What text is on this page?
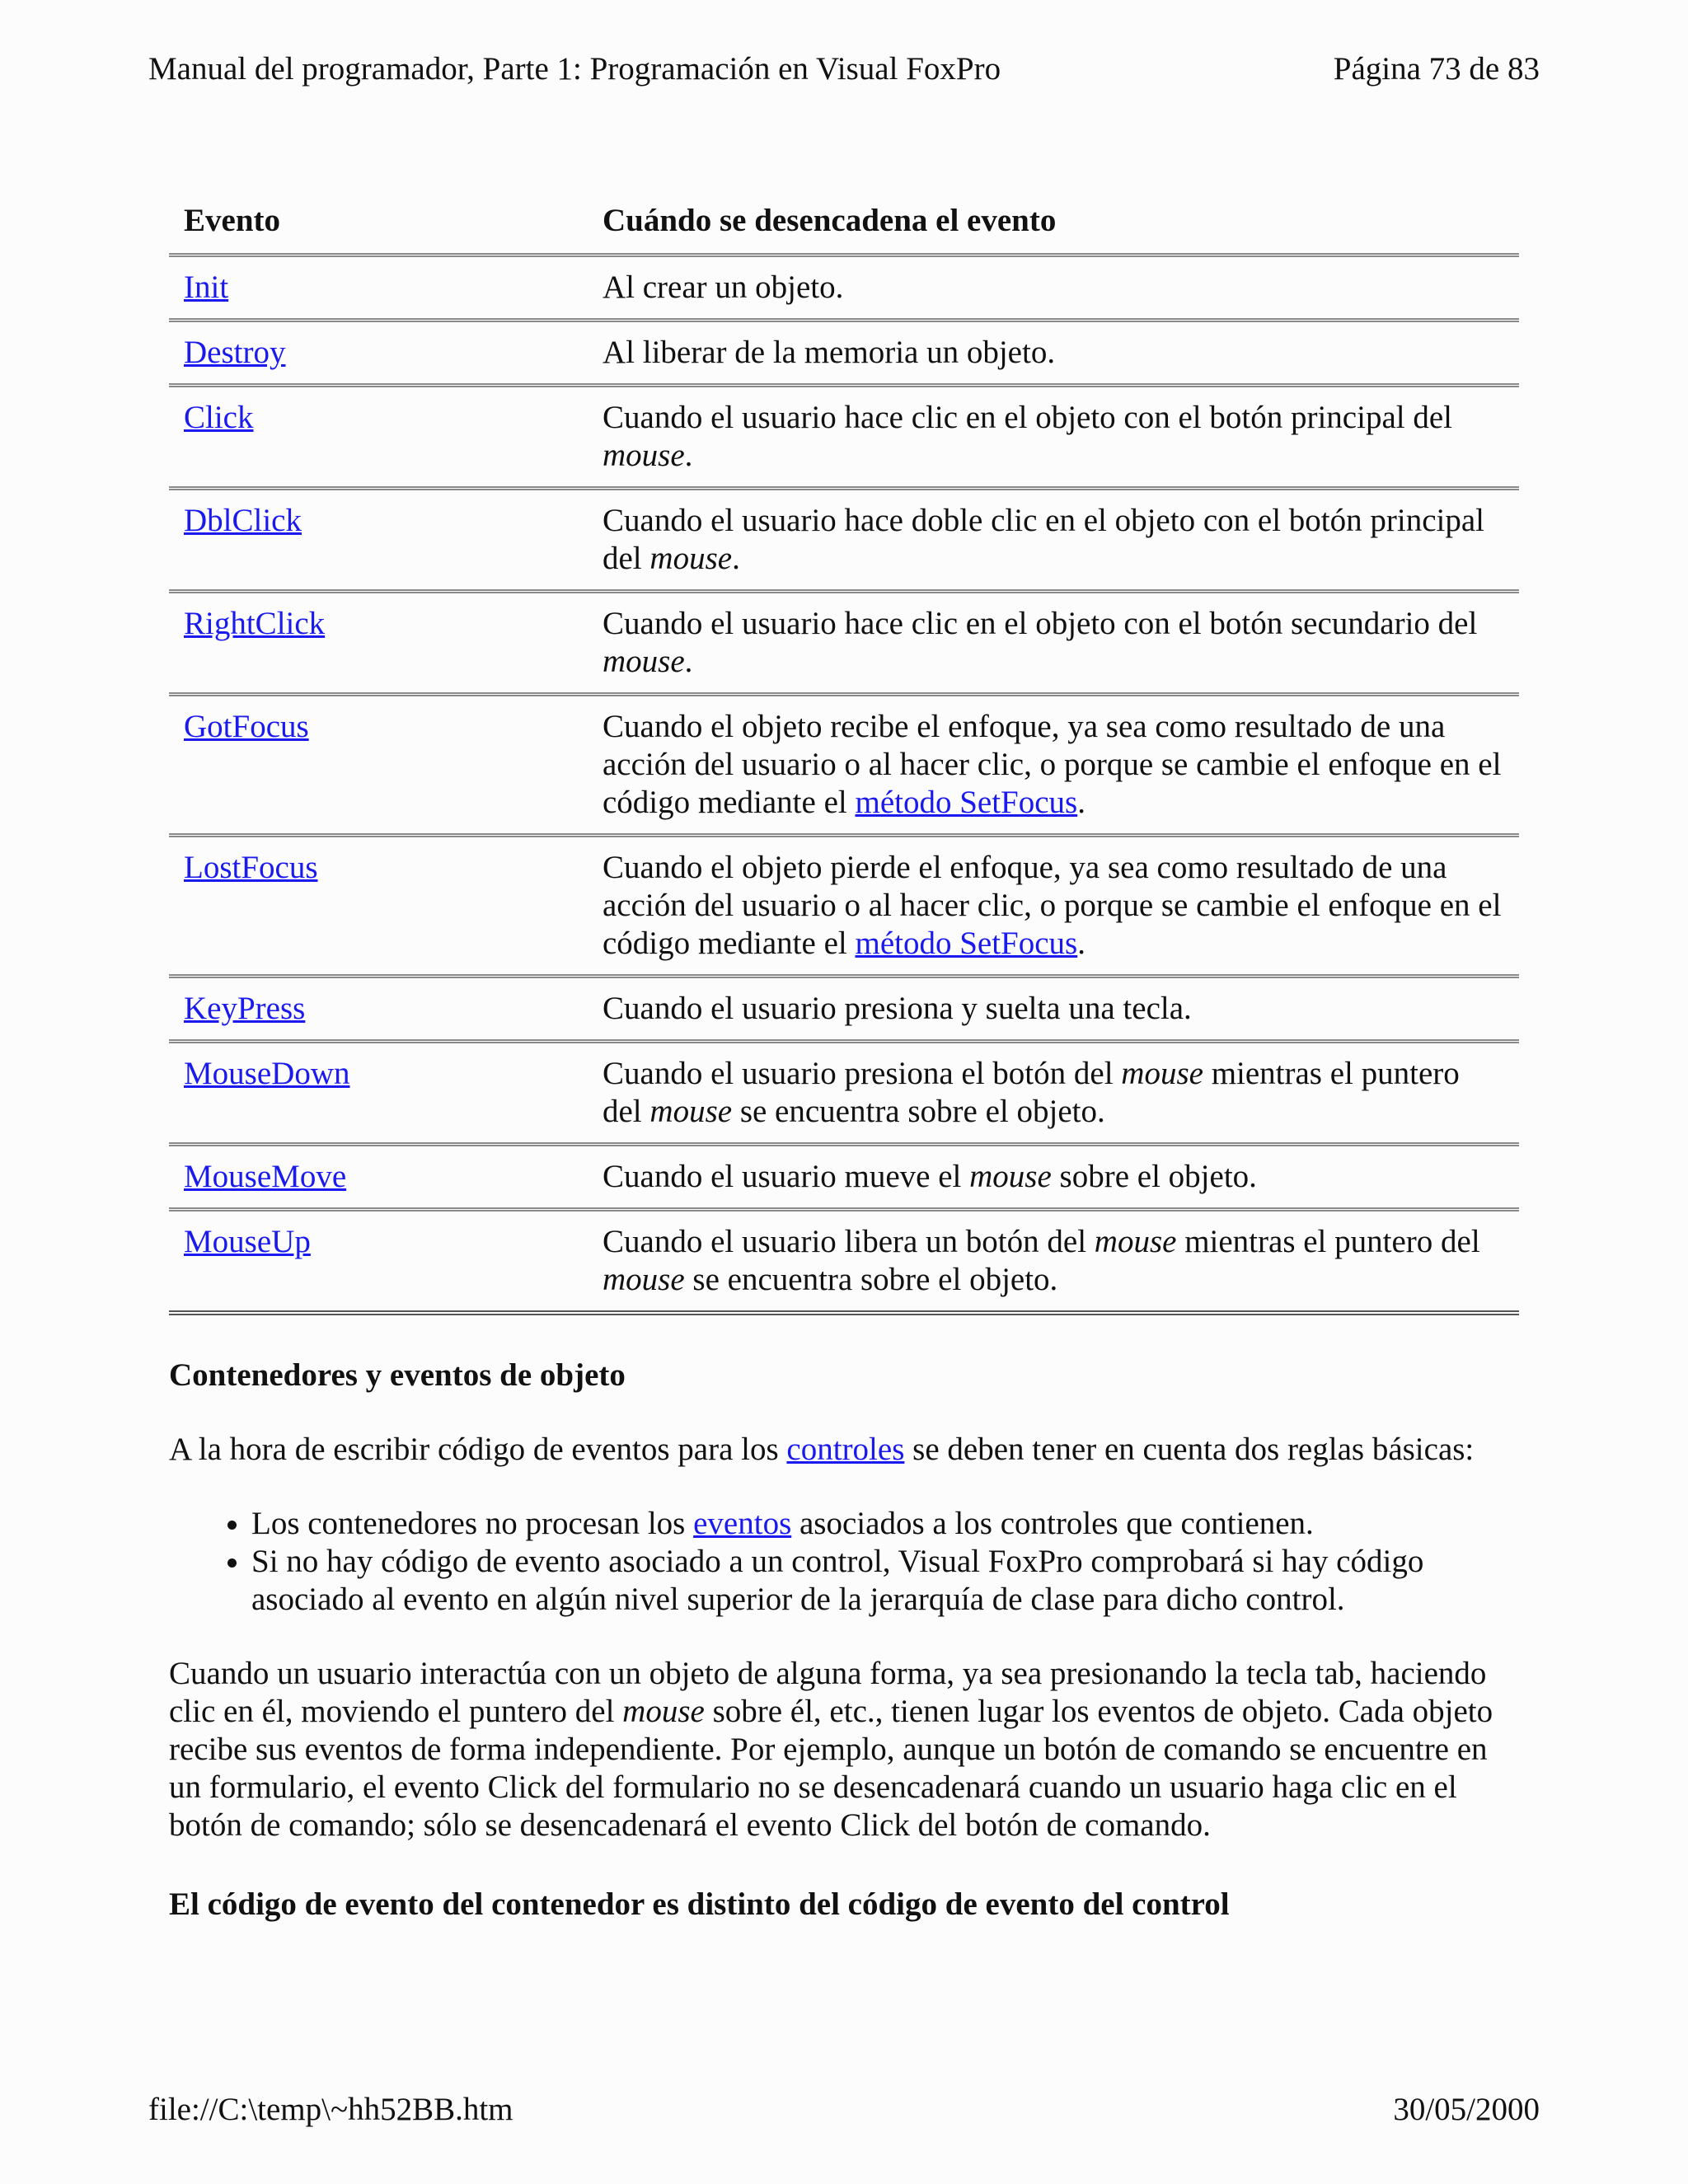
Manual del programador, Parte 1: Programación en Visual FoxPro	Página 73 de 83
Evento	Cuándo se desencadena el evento
Init	Al crear un objeto.
Destroy	Al liberar de la memoria un objeto.
Click	Cuando el usuario hace clic en el objeto con el botón principal del mouse.
DblClick	Cuando el usuario hace doble clic en el objeto con el botón principal del mouse.
RightClick	Cuando el usuario hace clic en el objeto con el botón secundario del mouse.
GotFocus	Cuando el objeto recibe el enfoque, ya sea como resultado de una acción del usuario o al hacer clic, o porque se cambie el enfoque en el código mediante el método SetFocus.
LostFocus	Cuando el objeto pierde el enfoque, ya sea como resultado de una acción del usuario o al hacer clic, o porque se cambie el enfoque en el código mediante el método SetFocus.
KeyPress	Cuando el usuario presiona y suelta una tecla.
MouseDown	Cuando el usuario presiona el botón del mouse mientras el puntero del mouse se encuentra sobre el objeto.
MouseMove	Cuando el usuario mueve el mouse sobre el objeto.
MouseUp	Cuando el usuario libera un botón del mouse mientras el puntero del mouse se encuentra sobre el objeto.
Contenedores y eventos de objeto

A la hora de escribir código de eventos para los controles se deben tener en cuenta dos reglas básicas:

• Los contenedores no procesan los eventos asociados a los controles que contienen.
• Si no hay código de evento asociado a un control, Visual FoxPro comprobará si hay código asociado al evento en algún nivel superior de la jerarquía de clase para dicho control.

Cuando un usuario interactúa con un objeto de alguna forma, ya sea presionando la tecla tab, haciendo clic en él, moviendo el puntero del mouse sobre él, etc., tienen lugar los eventos de objeto. Cada objeto recibe sus eventos de forma independiente. Por ejemplo, aunque un botón de comando se encuentre en un formulario, el evento Click del formulario no se desencadenará cuando un usuario haga clic en el botón de comando; sólo se desencadenará el evento Click del botón de comando.

El código de evento del contenedor es distinto del código de evento del control
file://C:\temp\~hh52BB.htm	30/05/2000
